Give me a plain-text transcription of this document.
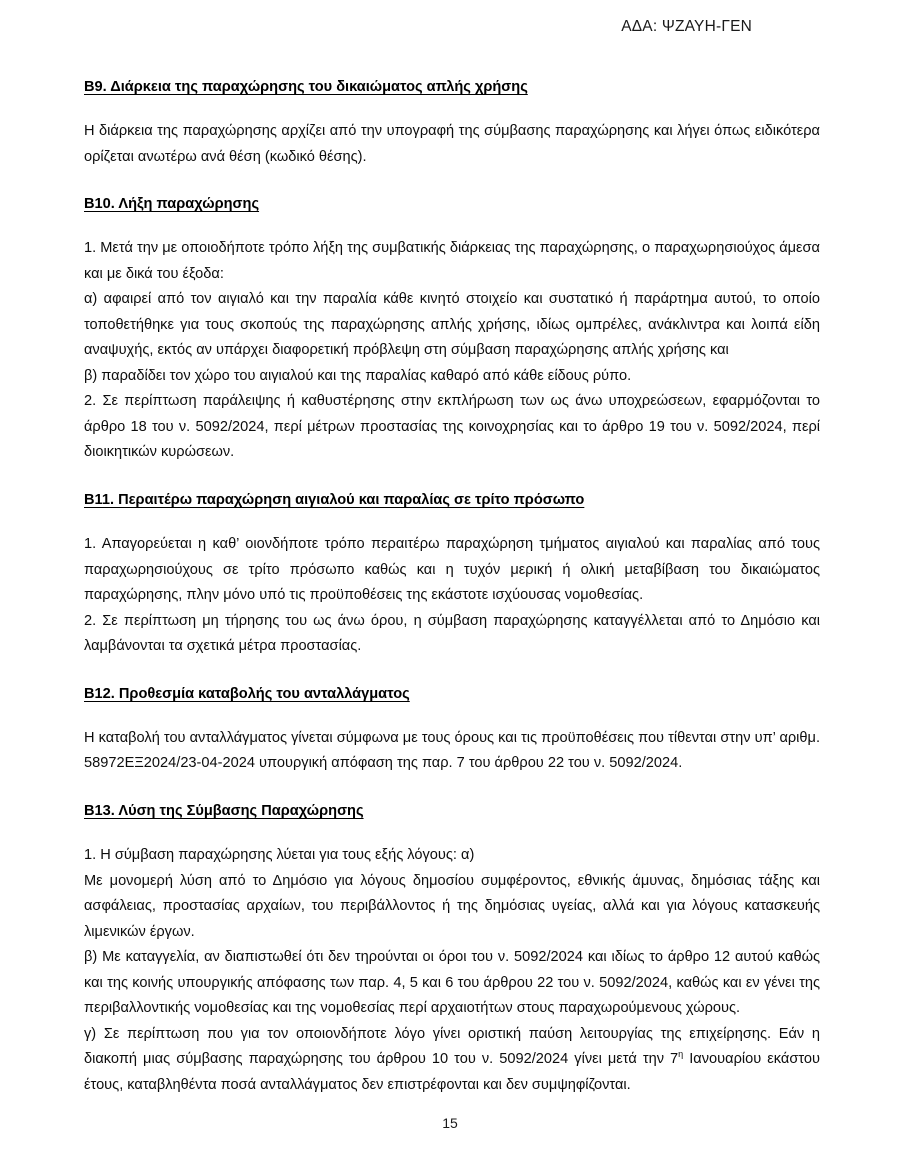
ΑΔΑ: ΨΖΑΥΗ-ΓΕΝ
Β9. Διάρκεια της παραχώρησης του δικαιώματος απλής χρήσης

Η διάρκεια της παραχώρησης αρχίζει από την υπογραφή της σύμβασης παραχώρησης και λήγει όπως ειδικότερα ορίζεται ανωτέρω ανά θέση (κωδικό θέσης).

Β10. Λήξη παραχώρησης

1. Μετά την με οποιοδήποτε τρόπο λήξη της συμβατικής διάρκειας της παραχώρησης, ο παραχωρησιούχος άμεσα και με δικά του έξοδα:

α) αφαιρεί από τον αιγιαλό και την παραλία κάθε κινητό στοιχείο και συστατικό ή παράρτημα αυτού, το οποίο τοποθετήθηκε για τους σκοπούς της παραχώρησης απλής χρήσης, ιδίως ομπρέλες, ανάκλιντρα και λοιπά είδη αναψυχής, εκτός αν υπάρχει διαφορετική πρόβλεψη στη σύμβαση παραχώρησης απλής χρήσης και

β) παραδίδει τον χώρο του αιγιαλού και της παραλίας καθαρό από κάθε είδους ρύπο.

2. Σε περίπτωση παράλειψης ή καθυστέρησης στην εκπλήρωση των ως άνω υποχρεώσεων, εφαρμόζονται το άρθρο 18 του ν. 5092/2024, περί μέτρων προστασίας της κοινοχρησίας και το άρθρο 19 του ν. 5092/2024, περί διοικητικών κυρώσεων.

Β11. Περαιτέρω παραχώρηση αιγιαλού και παραλίας σε τρίτο πρόσωπο

1. Απαγορεύεται η καθ’ οιονδήποτε τρόπο περαιτέρω παραχώρηση τμήματος αιγιαλού και παραλίας από τους παραχωρησιούχους σε τρίτο πρόσωπο καθώς και η τυχόν μερική ή ολική μεταβίβαση του δικαιώματος παραχώρησης, πλην μόνο υπό τις προϋποθέσεις της εκάστοτε ισχύουσας νομοθεσίας.

2. Σε περίπτωση μη τήρησης του ως άνω όρου, η σύμβαση παραχώρησης καταγγέλλεται από το Δημόσιο και λαμβάνονται τα σχετικά μέτρα προστασίας.

Β12. Προθεσμία καταβολής του ανταλλάγματος

Η καταβολή του ανταλλάγματος γίνεται σύμφωνα με τους όρους και τις προϋποθέσεις που τίθενται στην υπ’ αριθμ. 58972ΕΞ2024/23-04-2024 υπουργική απόφαση της παρ. 7 του άρθρου 22 του ν. 5092/2024.

Β13. Λύση της Σύμβασης Παραχώρησης

1. Η σύμβαση παραχώρησης λύεται για τους εξής λόγους: α)

Με μονομερή λύση από το Δημόσιο για λόγους δημοσίου συμφέροντος, εθνικής άμυνας, δημόσιας τάξης και ασφάλειας, προστασίας αρχαίων, του περιβάλλοντος ή της δημόσιας υγείας, αλλά και για λόγους κατασκευής λιμενικών έργων.

β) Με καταγγελία, αν διαπιστωθεί ότι δεν τηρούνται οι όροι του ν. 5092/2024 και ιδίως το άρθρο 12 αυτού καθώς και της κοινής υπουργικής απόφασης των παρ. 4, 5 και 6 του άρθρου 22 του ν. 5092/2024, καθώς και εν γένει της περιβαλλοντικής νομοθεσίας και της νομοθεσίας περί αρχαιοτήτων στους παραχωρούμενους χώρους.

γ) Σε περίπτωση που για τον οποιονδήποτε λόγο γίνει οριστική παύση λειτουργίας της επιχείρησης. Εάν η διακοπή μιας σύμβασης παραχώρησης του άρθρου 10 του ν. 5092/2024 γίνει μετά την $7^\eta$ Ιανουαρίου εκάστου έτους, καταβληθέντα ποσά ανταλλάγματος δεν επιστρέφονται και δεν συμψηφίζονται.

15
